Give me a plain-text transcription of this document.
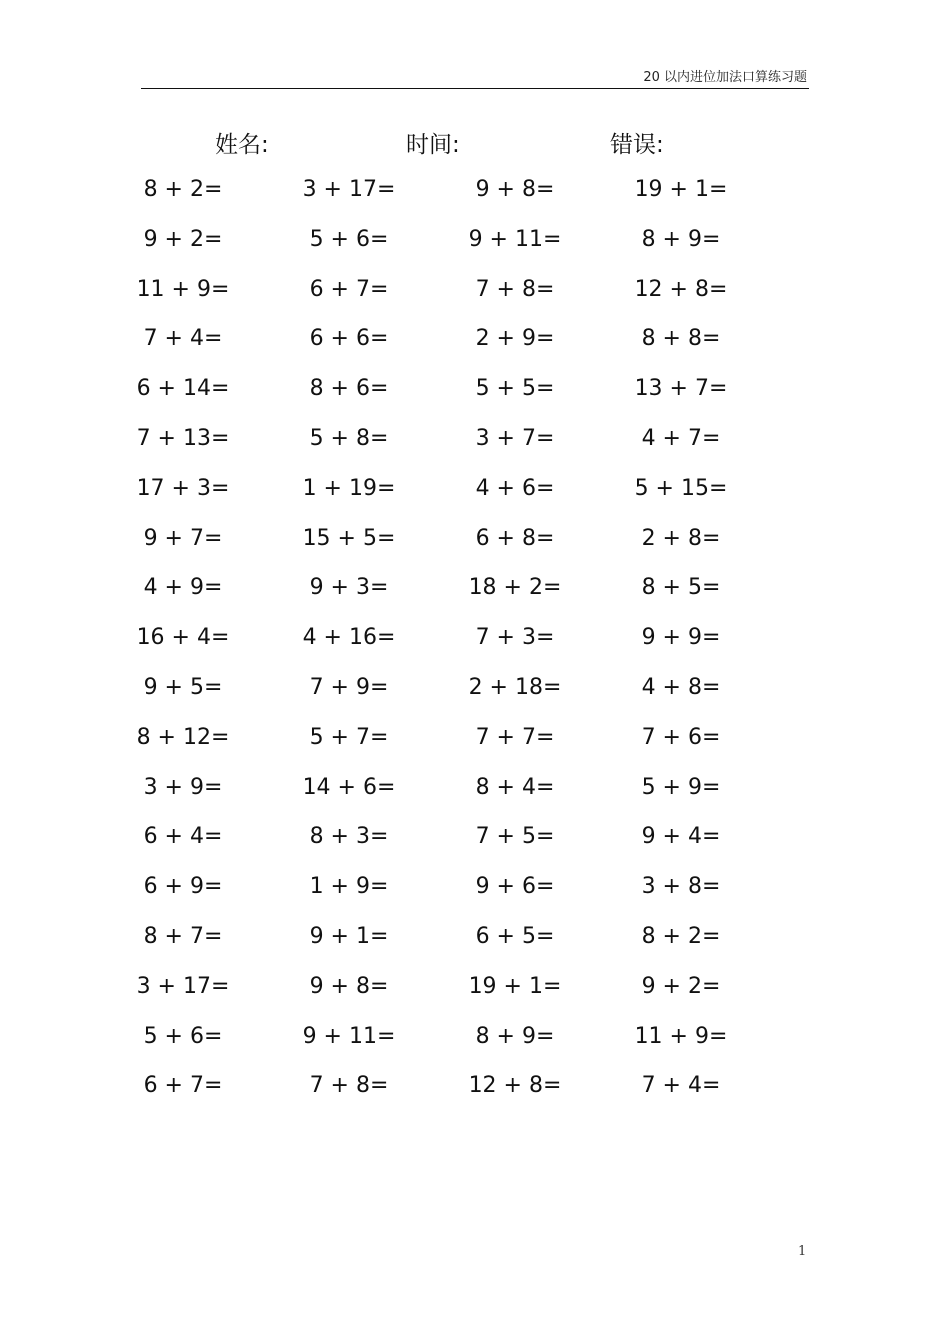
20 以内进位加法口算练习题
姓名:	时间:	错误:
8 + 2=	3 + 17=	9 + 8=	19 + 1=
9 + 2=	5 + 6=	9 + 11=	8 + 9=
11 + 9=	6 + 7=	7 + 8=	12 + 8=
7 + 4=	6 + 6=	2 + 9=	8 + 8=
6 + 14=	8 + 6=	5 + 5=	13 + 7=
7 + 13=	5 + 8=	3 + 7=	4 + 7=
17 + 3=	1 + 19=	4 + 6=	5 + 15=
9 + 7=	15 + 5=	6 + 8=	2 + 8=
4 + 9=	9 + 3=	18 + 2=	8 + 5=
16 + 4=	4 + 16=	7 + 3=	9 + 9=
9 + 5=	7 + 9=	2 + 18=	4 + 8=
8 + 12=	5 + 7=	7 + 7=	7 + 6=
3 + 9=	14 + 6=	8 + 4=	5 + 9=
6 + 4=	8 + 3=	7 + 5=	9 + 4=
6 + 9=	1 + 9=	9 + 6=	3 + 8=
8 + 7=	9 + 1=	6 + 5=	8 + 2=
3 + 17=	9 + 8=	19 + 1=	9 + 2=
5 + 6=	9 + 11=	8 + 9=	11 + 9=
6 + 7=	7 + 8=	12 + 8=	7 + 4=
1
